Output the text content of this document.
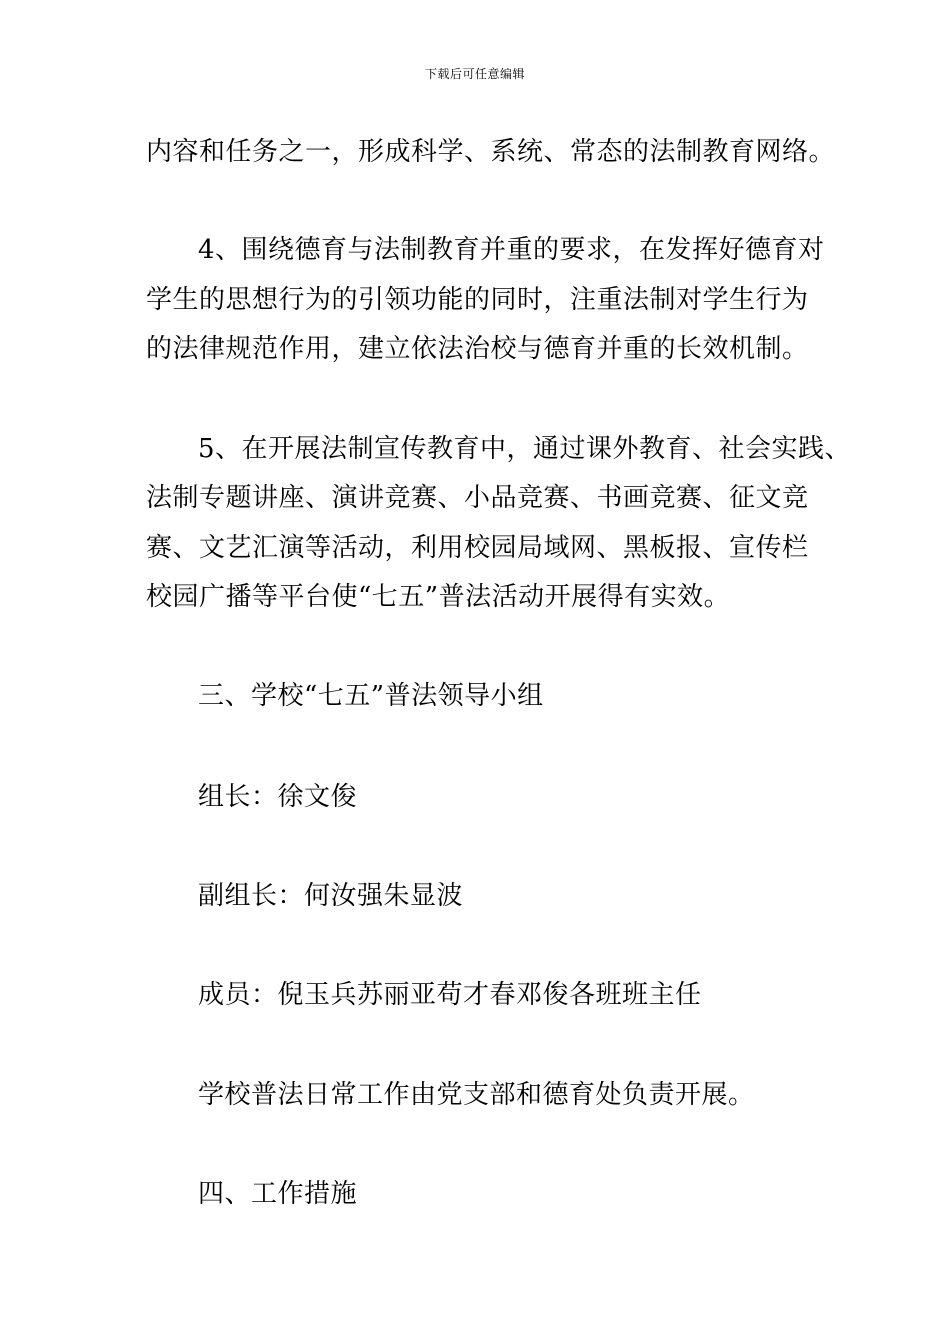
下载后可任意编辑
内容和任务之一，形成科学、系统、常态的法制教育网络。
4、围绕德育与法制教育并重的要求，在发挥好德育对
学生的思想行为的引领功能的同时，注重法制对学生行为
的法律规范作用，建立依法治校与德育并重的长效机制。
5、在开展法制宣传教育中，通过课外教育、社会实践、
法制专题讲座、演讲竞赛、小品竞赛、书画竞赛、征文竞
赛、文艺汇演等活动，利用校园局域网、黑板报、宣传栏
校园广播等平台使“七五”普法活动开展得有实效。
三、学校“七五”普法领导小组
组长：徐文俊
副组长：何汝强朱显波
成员：倪玉兵苏丽亚苟才春邓俊各班班主任
学校普法日常工作由党支部和德育处负责开展。
四、工作措施
